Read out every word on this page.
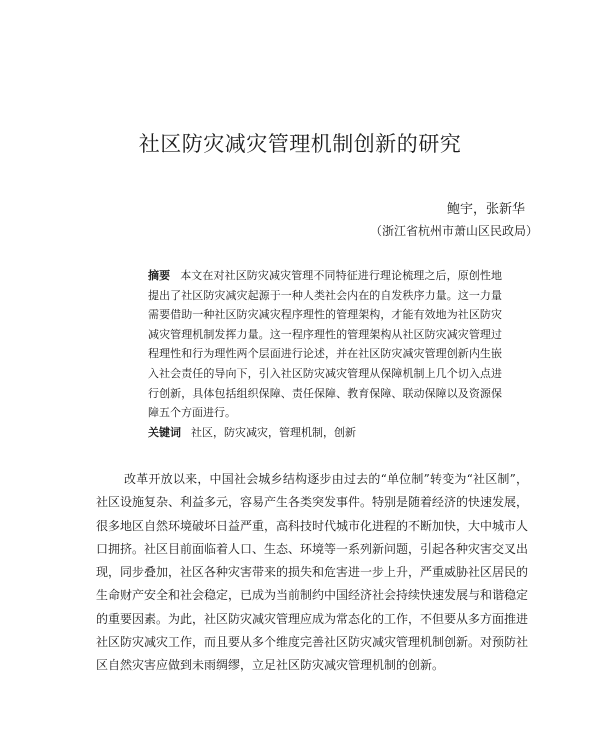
社区防灾减灾管理机制创新的研究

鲍宇，张新华

（浙江省杭州市萧山区民政局）

摘要 本文在对社区防灾减灾管理不同特征进行理论梳理之后，原创性地提出了社区防灾减灾起源于一种人类社会内在的自发秩序力量。这一力量需要借助一种社区防灾减灾程序理性的管理架构，才能有效地为社区防灾减灾管理机制发挥力量。这一程序理性的管理架构从社区防灾减灾管理过程理性和行为理性两个层面进行论述，并在社区防灾减灾管理创新内生嵌入社会责任的导向下，引入社区防灾减灾管理从保障机制上几个切入点进行创新，具体包括组织保障、责任保障、教育保障、联动保障以及资源保障五个方面进行。
关键词 社区，防灾减灾，管理机制，创新

改革开放以来，中国社会城乡结构逐步由过去的“单位制”转变为“社区制”，社区设施复杂、利益多元，容易产生各类突发事件。特别是随着经济的快速发展，很多地区自然环境破坏日益严重，高科技时代城市化进程的不断加快，大中城市人口拥挤。社区目前面临着人口、生态、环境等一系列新问题，引起各种灾害交叉出现，同步叠加，社区各种灾害带来的损失和危害进一步上升，严重威胁社区居民的生命财产安全和社会稳定，已成为当前制约中国经济社会持续快速发展与和谐稳定的重要因素。为此，社区防灾减灾管理应成为常态化的工作，不但要从多方面推进社区防灾减灾工作，而且要从多个维度完善社区防灾减灾管理机制创新。对预防社区自然灾害应做到未雨绸缪，立足社区防灾减灾管理机制的创新。
